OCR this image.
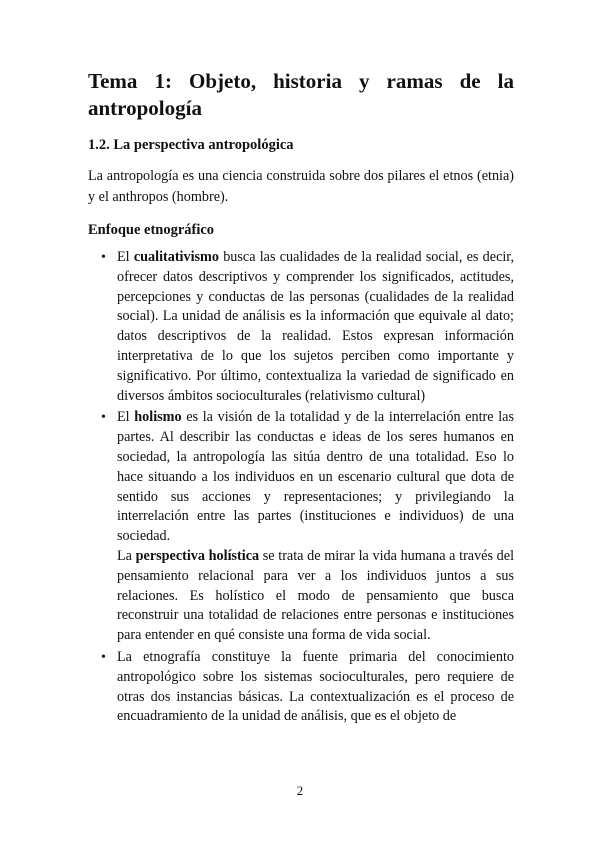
Tema 1: Objeto, historia y ramas de la antropología
1.2. La perspectiva antropológica

La antropología es una ciencia construida sobre dos pilares el etnos (etnia) y el anthropos (hombre).

Enfoque etnográfico
• El cualitativismo busca las cualidades de la realidad social, es decir, ofrecer datos descriptivos y comprender los significados, actitudes, percepciones y conductas de las personas (cualidades de la realidad social). La unidad de análisis es la información que equivale al dato; datos descriptivos de la realidad. Estos expresan información interpretativa de lo que los sujetos perciben como importante y significativo. Por último, contextualiza la variedad de significado en diversos ámbitos socioculturales (relativismo cultural)
• El holismo es la visión de la totalidad y de la interrelación entre las partes. Al describir las conductas e ideas de los seres humanos en sociedad, la antropología las sitúa dentro de una totalidad. Eso lo hace situando a los individuos en un escenario cultural que dota de sentido sus acciones y representaciones; y privilegiando la interrelación entre las partes (instituciones e individuos) de una sociedad.
La perspectiva holística se trata de mirar la vida humana a través del pensamiento relacional para ver a los individuos juntos a sus relaciones. Es holístico el modo de pensamiento que busca reconstruir una totalidad de relaciones entre personas e instituciones para entender en qué consiste una forma de vida social.
• La etnografía constituye la fuente primaria del conocimiento antropológico sobre los sistemas socioculturales, pero requiere de otras dos instancias básicas. La contextualización es el proceso de encuadramiento de la unidad de análisis, que es el objeto de
2
